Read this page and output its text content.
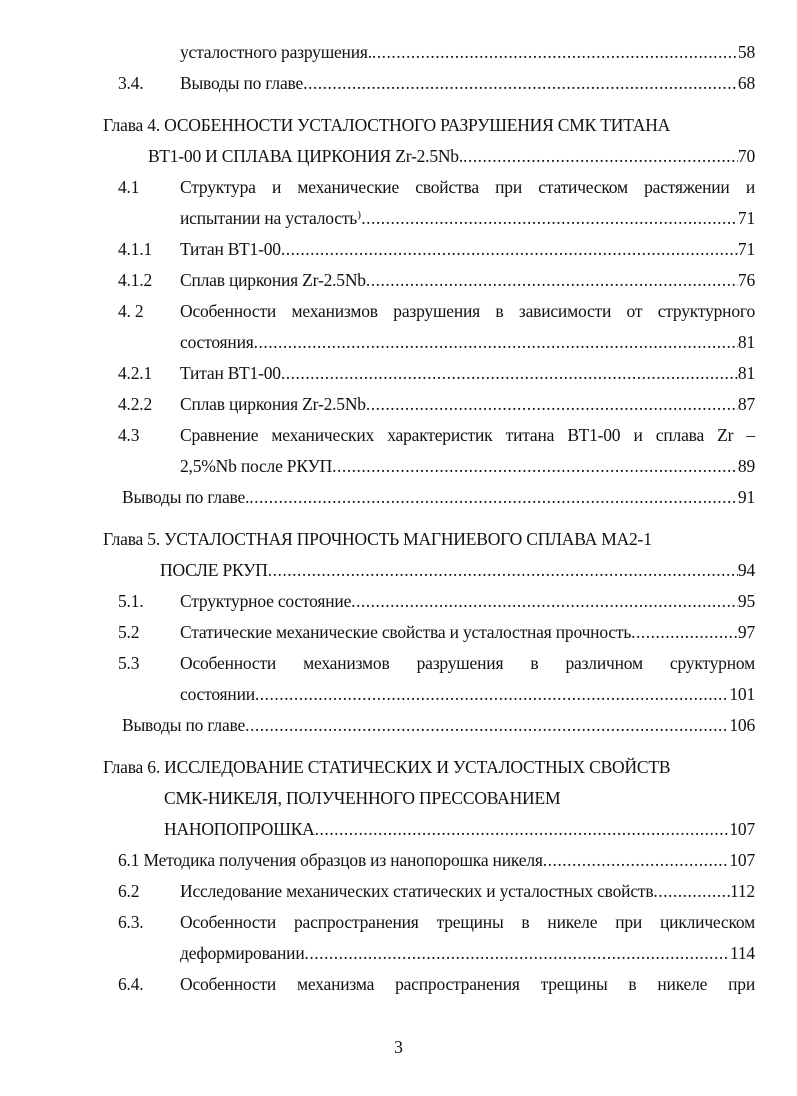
усталостного разрушения. .....	58
3.4. Выводы по главе .....	68
Глава 4. ОСОБЕННОСТИ УСТАЛОСТНОГО РАЗРУШЕНИЯ СМК ТИТАНА
ВТ1-00 И СПЛАВА ЦИРКОНИЯ Zr-2.5Nb. .....	70
4.1 Структура и механические свойства при статическом растяжении и
испытании на усталость⁾ .....	71
4.1.1 Титан ВТ1-00 .....	71
4.1.2 Сплав циркония Zr-2.5Nb .....	76
4. 2 Особенности механизмов разрушения в зависимости от структурного
состояния .....	81
4.2.1 Титан ВТ1-00 .....	81
4.2.2 Сплав циркония Zr-2.5Nb .....	87
4.3 Сравнение механических характеристик титана ВТ1-00 и сплава Zr –
2,5%Nb после РКУП .....	89
Выводы по главе. .....	91
Глава 5. УСТАЛОСТНАЯ ПРОЧНОСТЬ МАГНИЕВОГО СПЛАВА МА2-1
ПОСЛЕ РКУП .....	94
5.1. Структурное состояние .....	95
5.2 Статические механические свойства и усталостная прочность .....	97
5.3 Особенности механизмов разрушения в различном сруктурном
состоянии .....	101
Выводы по главе .....	106
Глава 6. ИССЛЕДОВАНИЕ СТАТИЧЕСКИХ И УСТАЛОСТНЫХ СВОЙСТВ
СМК-НИКЕЛЯ, ПОЛУЧЕННОГО ПРЕССОВАНИЕМ
НАНОПОПРОШКА .....	107
6.1 Методика получения образцов из нанопорошка никеля .....	107
6.2 Исследование механических статических и усталостных свойств .....	112
6.3. Особенности распространения трещины в никеле при циклическом
деформировании .....	114
6.4. Особенности механизма распространения трещины в никеле при
3
